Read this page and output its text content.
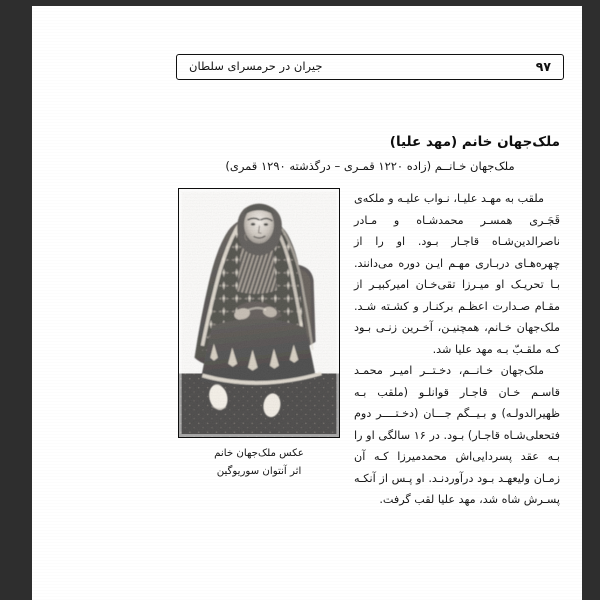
۹۷
جیران در حرمسرای سلطان
ملک‌جهان خانم (مهد علیا)
ملک‌جهان خـانــم (زاده ۱۲۲۰ قمـری – درگذشته ۱۲۹۰ قمری)
عکس ملک‌جهان خانم
اثر آنتوان سوریوگین

ملقب به مهـد علیـا، نـواب علیـه و ملکه‌ی قَجَـری همسـر محمدشـاه و مـادر ناصرالدین‌شـاه قاجـار بـود. او را از چهره‌هـای دربـاری مهـم ایـن دوره می‌دانند. بـا تحریـک او میـرزا تقی‌خـان امیرکبیـر از مقـام صـدارت اعظـم برکنـار و کشـته شـد. ملک‌جهان خـانم، همچنیـن، آخـرین زنـی بـود کـه ملقـبّ بـه مهد علیا شد.

ملک‌جهان خـانــم، دخـتــر امیـر محمـد قاسـم خـان قاجـار قوانلـو (ملقب بـه ظهیرالدولـه) و بـیــگم جـــان (دخـتــــر دوم فتحعلی‌شـاه قاجـار) بـود. در ۱۶ سالگی او را بـه عقد پسردایی‌اش محمدمیرزا کـه آن زمـان ولیعهـد بـود درآوردنـد. او پـس از آنکـه پسـرش شاه شد، مهد علیا لقب گرفت.
